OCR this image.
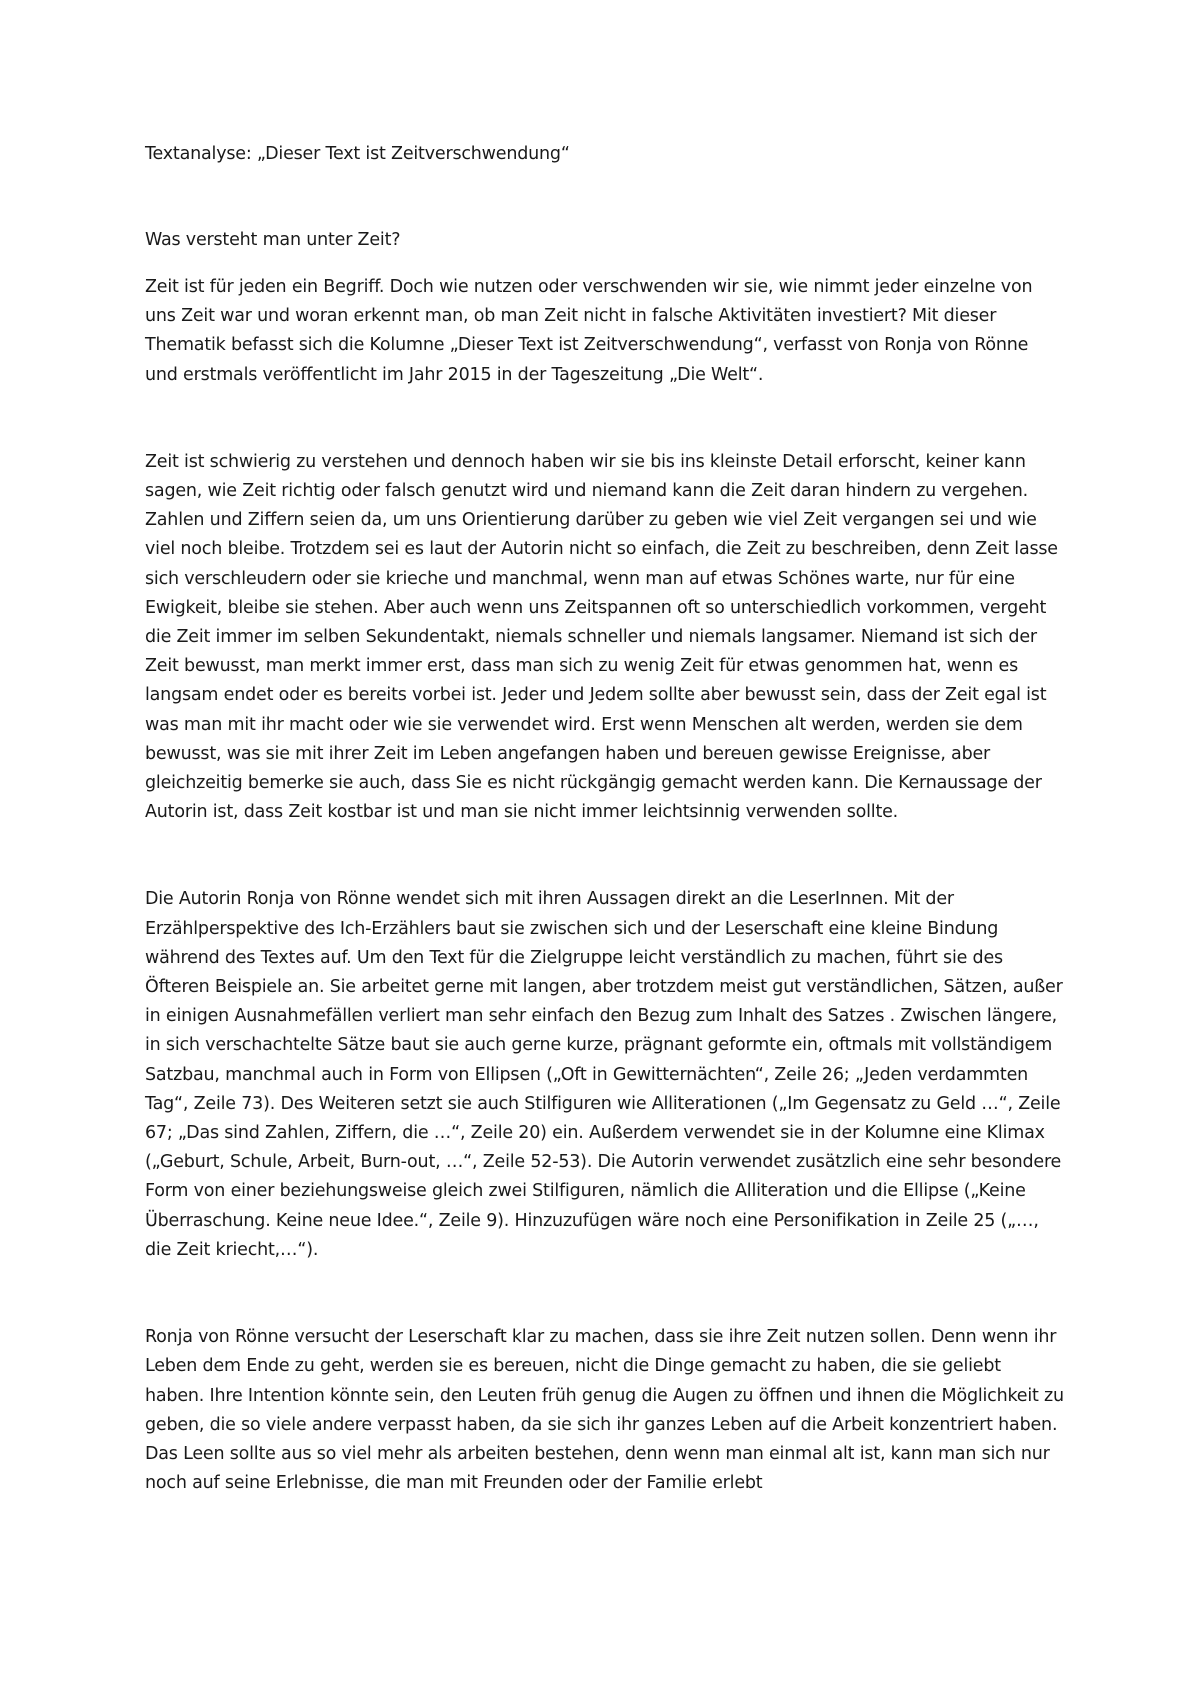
Textanalyse: „Dieser Text ist Zeitverschwendung“

Was versteht man unter Zeit?

Zeit ist für jeden ein Begriff. Doch wie nutzen oder verschwenden wir sie, wie nimmt jeder einzelne von uns Zeit war und woran erkennt man, ob man Zeit nicht in falsche Aktivitäten investiert? Mit dieser Thematik befasst sich die Kolumne „Dieser Text ist Zeitverschwendung“, verfasst von Ronja von Rönne und erstmals veröffentlicht im Jahr 2015 in der Tageszeitung „Die Welt“.

Zeit ist schwierig zu verstehen und dennoch haben wir sie bis ins kleinste Detail erforscht, keiner kann sagen, wie Zeit richtig oder falsch genutzt wird und niemand kann die Zeit daran hindern zu vergehen. Zahlen und Ziffern seien da, um uns Orientierung darüber zu geben wie viel Zeit vergangen sei und wie viel noch bleibe. Trotzdem sei es laut der Autorin nicht so einfach, die Zeit zu beschreiben, denn Zeit lasse sich verschleudern oder sie krieche und manchmal, wenn man auf etwas Schönes warte, nur für eine Ewigkeit, bleibe sie stehen. Aber auch wenn uns Zeitspannen oft so unterschiedlich vorkommen, vergeht die Zeit immer im selben Sekundentakt, niemals schneller und niemals langsamer. Niemand ist sich der Zeit bewusst, man merkt immer erst, dass man sich zu wenig Zeit für etwas genommen hat, wenn es langsam endet oder es bereits vorbei ist. Jeder und Jedem sollte aber bewusst sein, dass der Zeit egal ist was man mit ihr macht oder wie sie verwendet wird. Erst wenn Menschen alt werden, werden sie dem bewusst, was sie mit ihrer Zeit im Leben angefangen haben und bereuen gewisse Ereignisse, aber gleichzeitig bemerke sie auch, dass Sie es nicht rückgängig gemacht werden kann. Die Kernaussage der Autorin ist, dass Zeit kostbar ist und man sie nicht immer leichtsinnig verwenden sollte.

Die Autorin Ronja von Rönne wendet sich mit ihren Aussagen direkt an die LeserInnen. Mit der Erzählperspektive des Ich-Erzählers baut sie zwischen sich und der Leserschaft eine kleine Bindung während des Textes auf. Um den Text für die Zielgruppe leicht verständlich zu machen, führt sie des Öfteren Beispiele an. Sie arbeitet gerne mit langen, aber trotzdem meist gut verständlichen, Sätzen, außer in einigen Ausnahmefällen verliert man sehr einfach den Bezug zum Inhalt des Satzes . Zwischen längere, in sich verschachtelte Sätze baut sie auch gerne kurze, prägnant geformte ein, oftmals mit vollständigem Satzbau, manchmal auch in Form von Ellipsen („Oft in Gewitternächten“, Zeile 26; „Jeden verdammten Tag“, Zeile 73). Des Weiteren setzt sie auch Stilfiguren wie Alliterationen („Im Gegensatz zu Geld …“, Zeile 67; „Das sind Zahlen, Ziffern, die …“, Zeile 20) ein. Außerdem verwendet sie in der Kolumne eine Klimax („Geburt, Schule, Arbeit, Burn-out, …“, Zeile 52-53). Die Autorin verwendet zusätzlich eine sehr besondere Form von einer beziehungsweise gleich zwei Stilfiguren, nämlich die Alliteration und die Ellipse („Keine Überraschung. Keine neue Idee.“, Zeile 9). Hinzuzufügen wäre noch eine Personifikation in Zeile 25 („…, die Zeit kriecht,…“).

Ronja von Rönne versucht der Leserschaft klar zu machen, dass sie ihre Zeit nutzen sollen. Denn wenn ihr Leben dem Ende zu geht, werden sie es bereuen, nicht die Dinge gemacht zu haben, die sie geliebt haben. Ihre Intention könnte sein, den Leuten früh genug die Augen zu öffnen und ihnen die Möglichkeit zu geben, die so viele andere verpasst haben, da sie sich ihr ganzes Leben auf die Arbeit konzentriert haben. Das Leen sollte aus so viel mehr als arbeiten bestehen, denn wenn man einmal alt ist, kann man sich nur noch auf seine Erlebnisse, die man mit Freunden oder der Familie erlebt
